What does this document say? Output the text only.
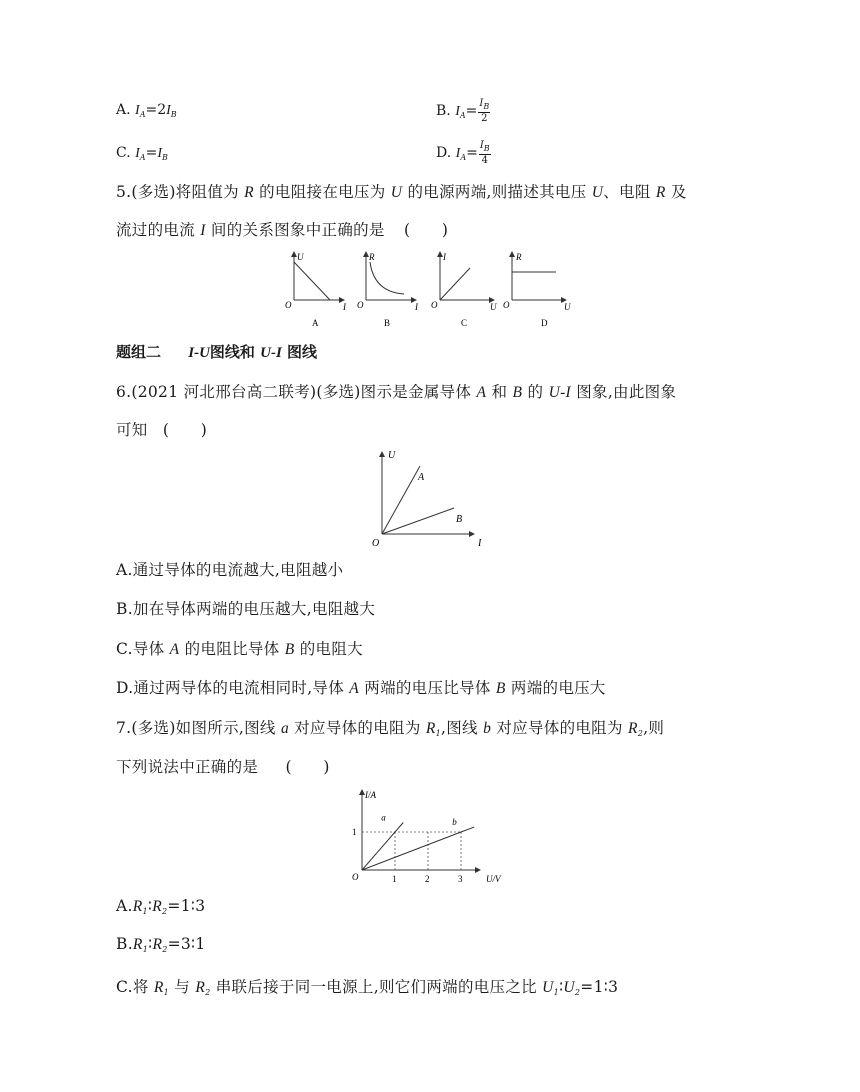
A. $I_A=2I_B$	B. $I_A= \frac{I_B}{2}$
C. $I_A=I_B$	D. $I_A= \frac{I_B}{4}$
5.(多选)将阻值为 R 的电阻接在电压为 U 的电源两端,则描述其电压 U、电阻 R 及
流过的电流 I 间的关系图象中正确的是 (　　)
U
I
O
A
R
I
O
B
I
U
O
C
R
U
O
D
题组二 I-U图线和 U-I 图线
6.(2021 河北邢台高二联考)(多选)图示是金属导体 A 和 B 的 U-I 图象,由此图象
可知 (　　)
U
I
O
A
B
A.通过导体的电流越大,电阻越小
B.加在导体两端的电压越大,电阻越大
C.导体 A 的电阻比导体 B 的电阻大
D.通过两导体的电流相同时,导体 A 两端的电压比导体 B 两端的电压大
7.(多选)如图所示,图线 a 对应导体的电阻为 $R_1$,图线 b 对应导体的电阻为 $R_2$,则
下列说法中正确的是 (　　)
I/A
U/V
O	1	2	3
1
a	b
$A.R_1∶R_2=1∶3$
$B.R_1∶R_2=3∶1$
C.将 $R_1$ 与 $R_2$ 串联后接于同一电源上,则它们两端的电压之比 $U_1∶U_2=1∶3$
